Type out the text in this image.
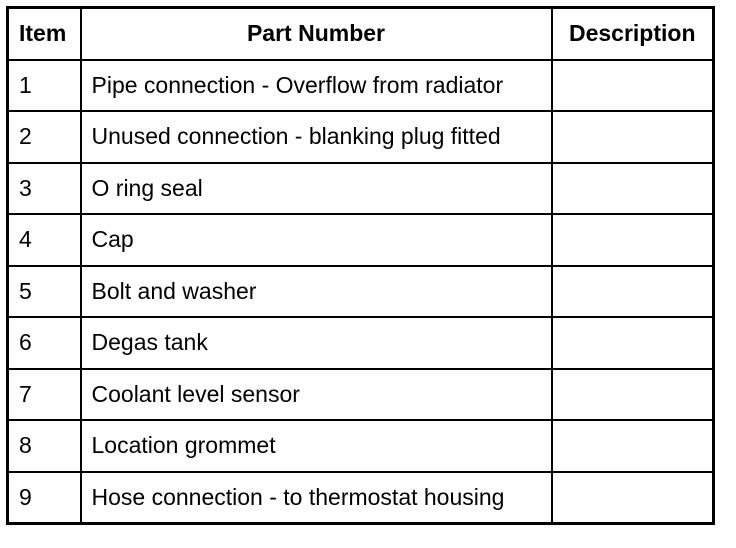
Item	Part Number	Description
1	Pipe connection - Overflow from radiator	
2	Unused connection - blanking plug fitted	
3	O ring seal	
4	Cap	
5	Bolt and washer	
6	Degas tank	
7	Coolant level sensor	
8	Location grommet	
9	Hose connection - to thermostat housing	
